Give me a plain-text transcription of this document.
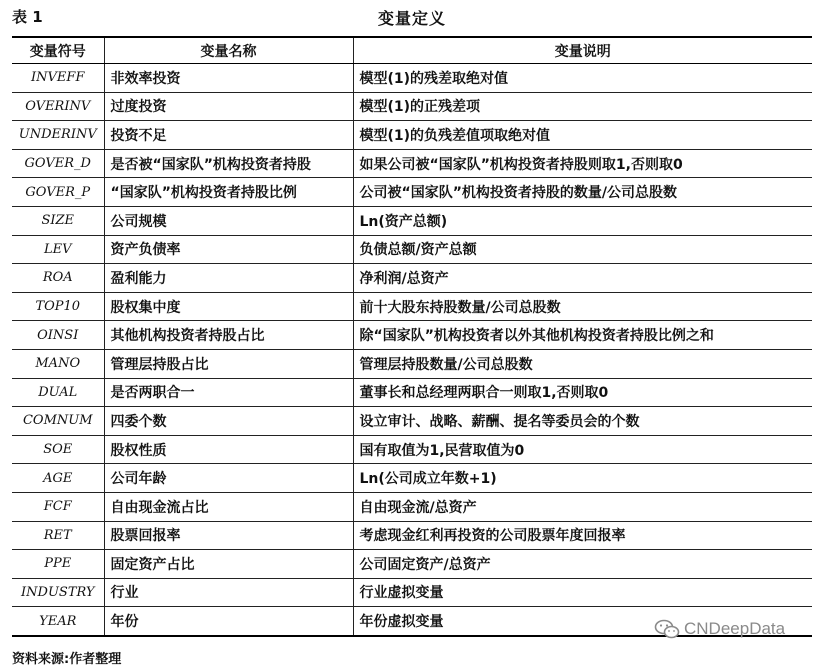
表 1	变量定义
变量符号	变量名称	变量说明
INVEFF	非效率投资	模型(1)的残差取绝对值
OVERINV	过度投资	模型(1)的正残差项
UNDERINV	投资不足	模型(1)的负残差值项取绝对值
GOVER_D	是否被“国家队”机构投资者持股	如果公司被“国家队”机构投资者持股则取1,否则取0
GOVER_P	“国家队”机构投资者持股比例	公司被“国家队”机构投资者持股的数量/公司总股数
SIZE	公司规模	Ln(资产总额)
LEV	资产负债率	负债总额/资产总额
ROA	盈利能力	净利润/总资产
TOP10	股权集中度	前十大股东持股数量/公司总股数
OINSI	其他机构投资者持股占比	除“国家队”机构投资者以外其他机构投资者持股比例之和
MANO	管理层持股占比	管理层持股数量/公司总股数
DUAL	是否两职合一	董事长和总经理两职合一则取1,否则取0
COMNUM	四委个数	设立审计、战略、薪酬、提名等委员会的个数
SOE	股权性质	国有取值为1,民营取值为0
AGE	公司年龄	Ln(公司成立年数+1)
FCF	自由现金流占比	自由现金流/总资产
RET	股票回报率	考虑现金红利再投资的公司股票年度回报率
PPE	固定资产占比	公司固定资产/总资产
INDUSTRY	行业	行业虚拟变量
YEAR	年份	年份虚拟变量
资料来源:作者整理
CNDeepData
